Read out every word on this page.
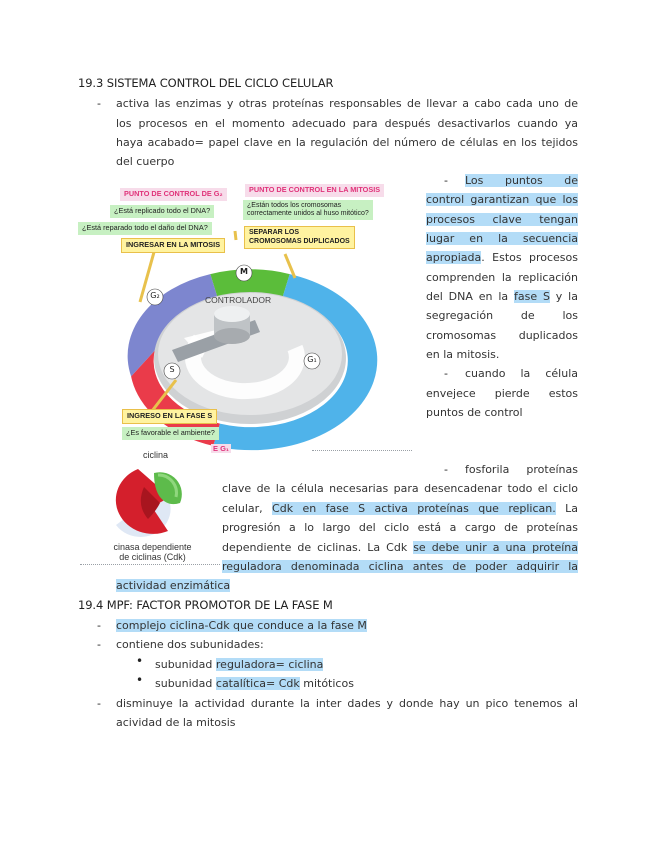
19.3 SISTEMA CONTROL DEL CICLO CELULAR
- activa las enzimas y otras proteínas responsables de llevar a cabo cada uno de
los procesos en el momento adecuado para después desactivarlos cuando ya
haya acabado= papel clave en la regulación del número de células en los tejidos
del cuerpo
M
G₂
G₁
S
CONTROLADOR
PUNTO DE CONTROL DE G₂
¿Está replicado todo el DNA?
¿Está reparado todo el daño del DNA?
INGRESAR EN LA MITOSIS
PUNTO DE CONTROL EN LA MITOSIS
¿Están todos los cromosomas
correctamente unidos al huso mitótico?
SEPARAR LOS
CROMOSOMAS DUPLICADOS
INGRESO EN LA FASE S
¿Es favorable el ambiente?
E G₁
- Los puntos de
control garantizan que los
procesos clave tengan
lugar en la secuencia
apropiada. Estos procesos
comprenden la replicación
del DNA en la fase S y la
segregación de los
cromosomas duplicados
en la mitosis.
- cuando la célula
envejece pierde estos
puntos de control
ciclina
cinasa dependiente
de ciclinas (Cdk)
- fosforila proteínas
clave de la célula necesarias para desencadenar todo el ciclo
celular, Cdk en fase S activa proteínas que replican. La
progresión a lo largo del ciclo está a cargo de proteínas
dependiente de ciclinas. La Cdk se debe unir a una proteína
reguladora denominada ciclina antes de poder adquirir la
actividad enzimática
19.4 MPF: FACTOR PROMOTOR DE LA FASE M
- complejo ciclina-Cdk que conduce a la fase M
- contiene dos subunidades:
• subunidad reguladora= ciclina
• subunidad catalítica= Cdk mitóticos
- disminuye la actividad durante la inter dades y donde hay un pico tenemos al
acividad de la mitosis
